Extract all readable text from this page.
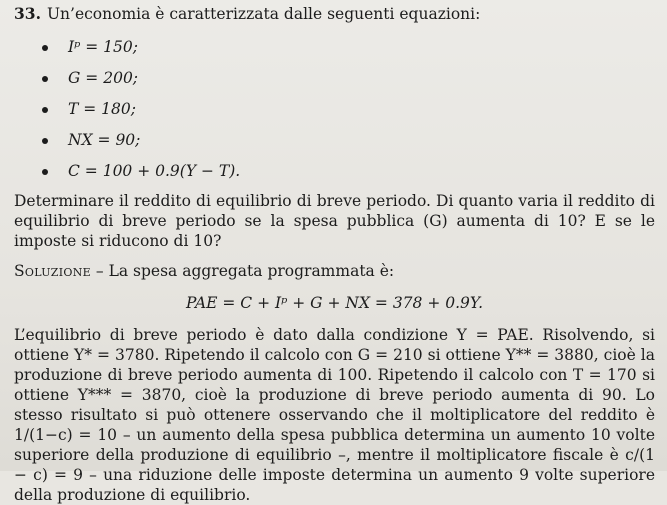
33. Un’economia è caratterizzata dalle seguenti equazioni:
Iᵖ = 150;
G = 200;
T = 180;
NX = 90;
C = 100 + 0.9(Y − T).

Determinare il reddito di equilibrio di breve periodo. Di quanto varia il reddito di equilibrio di breve periodo se la spesa pubblica (G) aumenta di 10? E se le imposte si riducono di 10?

Soluzione – La spesa aggregata programmata è:

PAE = C + Iᵖ + G + NX = 378 + 0.9Y.

L’equilibrio di breve periodo è dato dalla condizione Y = PAE. Risolvendo, si ottiene Y* = 3780. Ripetendo il calcolo con G = 210 si ottiene Y** = 3880, cioè la produzione di breve periodo aumenta di 100. Ripetendo il calcolo con T = 170 si ottiene Y*** = 3870, cioè la produzione di breve periodo aumenta di 90. Lo stesso risultato si può ottenere osservando che il moltiplicatore del reddito è 1/(1−c) = 10 – un aumento della spesa pubblica determina un aumento 10 volte superiore della produzione di equilibrio –, mentre il moltiplicatore fiscale è c/(1 − c) = 9 – una riduzione delle imposte determina un aumento 9 volte superiore della produzione di equilibrio.
